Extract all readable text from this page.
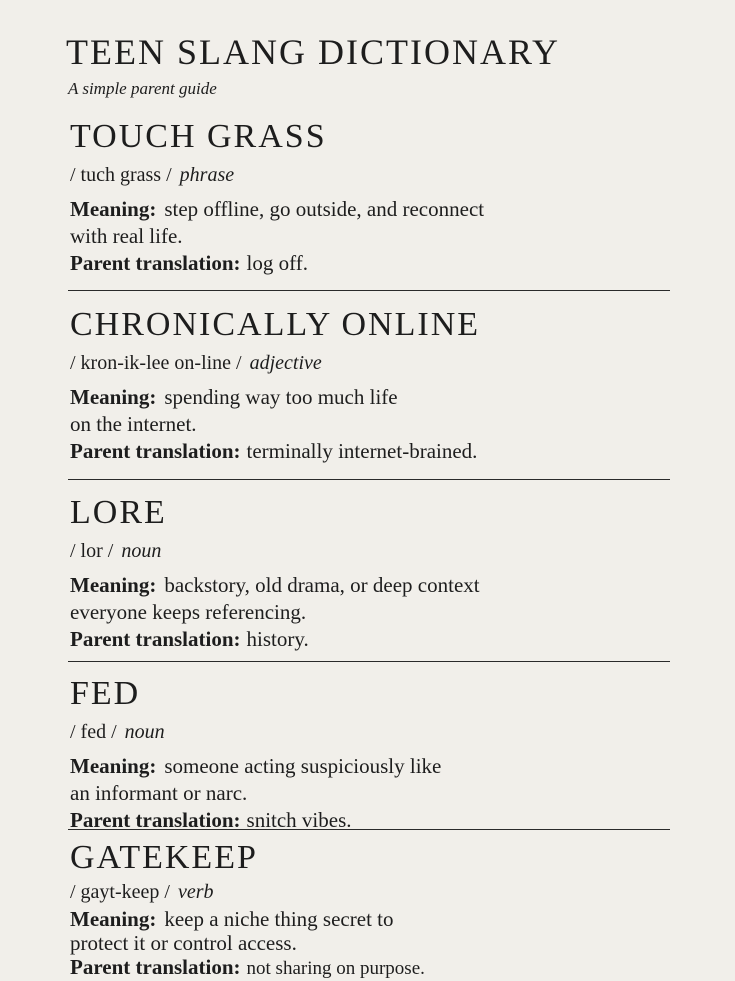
TEEN SLANG DICTIONARY
A simple parent guide
TOUCH GRASS
/ tuch grass / phrase
Meaning: step offline, go outside, and reconnect
with real life.
Parent translation: log off.
CHRONICALLY ONLINE
/ kron-ik-lee on-line / adjective
Meaning: spending way too much life
on the internet.
Parent translation: terminally internet-brained.
LORE
/ lor / noun
Meaning: backstory, old drama, or deep context
everyone keeps referencing.
Parent translation: history.
FED
/ fed / noun
Meaning: someone acting suspiciously like
an informant or narc.
Parent translation: snitch vibes.
GATEKEEP
/ gayt-keep / verb
Meaning: keep a niche thing secret to
protect it or control access.
Parent translation: not sharing on purpose.
